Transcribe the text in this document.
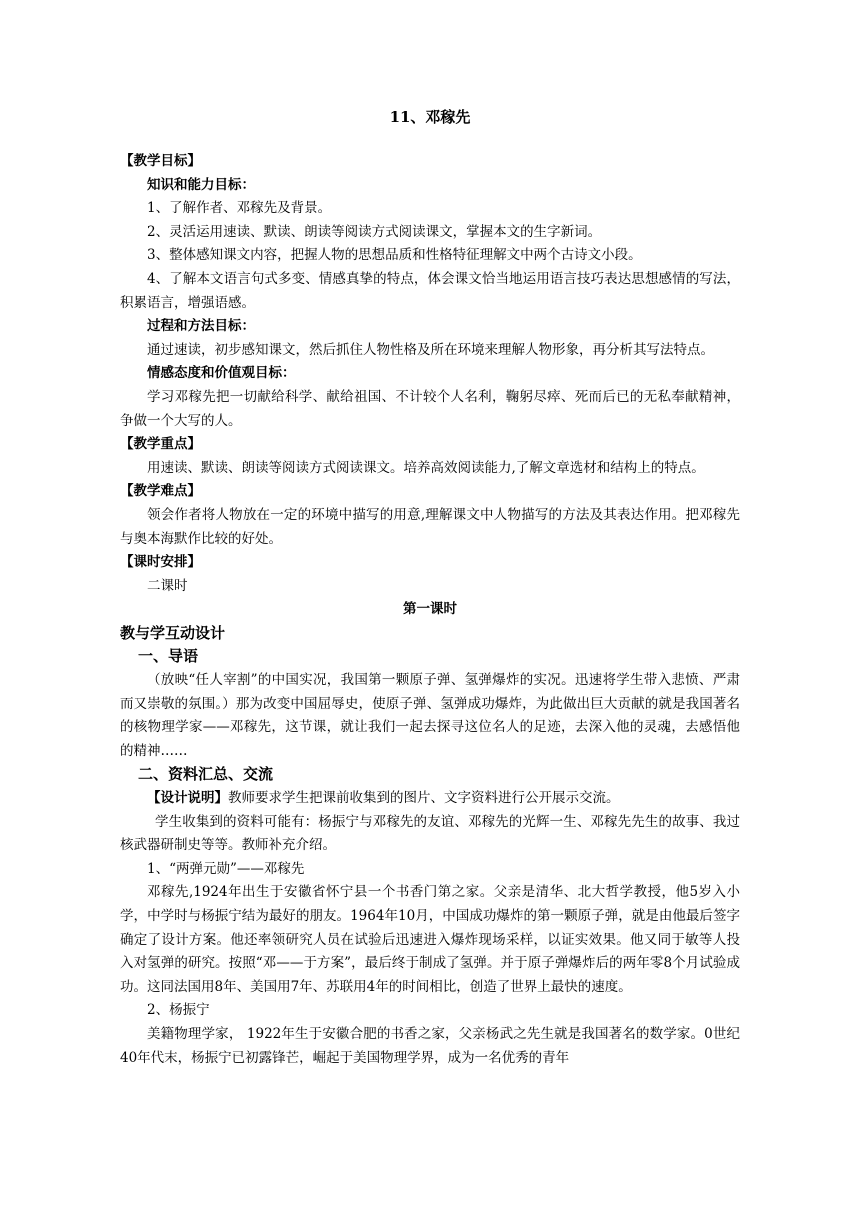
11、邓稼先

【教学目标】

知识和能力目标：

1、了解作者、邓稼先及背景。

2、灵活运用速读、默读、朗读等阅读方式阅读课文，掌握本文的生字新词。

3、整体感知课文内容，把握人物的思想品质和性格特征理解文中两个古诗文小段。

4、了解本文语言句式多变、情感真挚的特点，体会课文恰当地运用语言技巧表达思想感情的写法，积累语言，增强语感。

过程和方法目标：

通过速读，初步感知课文，然后抓住人物性格及所在环境来理解人物形象，再分析其写法特点。

情感态度和价值观目标：

学习邓稼先把一切献给科学、献给祖国、不计较个人名利，鞠躬尽瘁、死而后已的无私奉献精神，争做一个大写的人。

【教学重点】

用速读、默读、朗读等阅读方式阅读课文。培养高效阅读能力,了解文章选材和结构上的特点。

【教学难点】

领会作者将人物放在一定的环境中描写的用意,理解课文中人物描写的方法及其表达作用。把邓稼先与奥本海默作比较的好处。

【课时安排】

二课时

第一课时

教与学互动设计

一、导语

（放映“任人宰割”的中国实况，我国第一颗原子弹、氢弹爆炸的实况。迅速将学生带入悲愤、严肃而又崇敬的氛围。）那为改变中国屈辱史，使原子弹、氢弹成功爆炸，为此做出巨大贡献的就是我国著名的核物理学家——邓稼先，这节课，就让我们一起去探寻这位名人的足迹，去深入他的灵魂，去感悟他的精神……

二、资料汇总、交流

【设计说明】教师要求学生把课前收集到的图片、文字资料进行公开展示交流。

学生收集到的资料可能有：杨振宁与邓稼先的友谊、邓稼先的光辉一生、邓稼先先生的故事、我过核武器研制史等等。教师补充介绍。

1、“两弹元勋”——邓稼先

邓稼先,1924年出生于安徽省怀宁县一个书香门第之家。父亲是清华、北大哲学教授，他5岁入小学，中学时与杨振宁结为最好的朋友。1964年10月，中国成功爆炸的第一颗原子弹，就是由他最后签字确定了设计方案。他还率领研究人员在试验后迅速进入爆炸现场采样，以证实效果。他又同于敏等人投入对氢弹的研究。按照“邓——于方案”，最后终于制成了氢弹。并于原子弹爆炸后的两年零8个月试验成功。这同法国用8年、美国用7年、苏联用4年的时间相比，创造了世界上最快的速度。

2、杨振宁

美籍物理学家， 1922年生于安徽合肥的书香之家，父亲杨武之先生就是我国著名的数学家。0世纪40年代末，杨振宁已初露锋芒，崛起于美国物理学界，成为一名优秀的青年
